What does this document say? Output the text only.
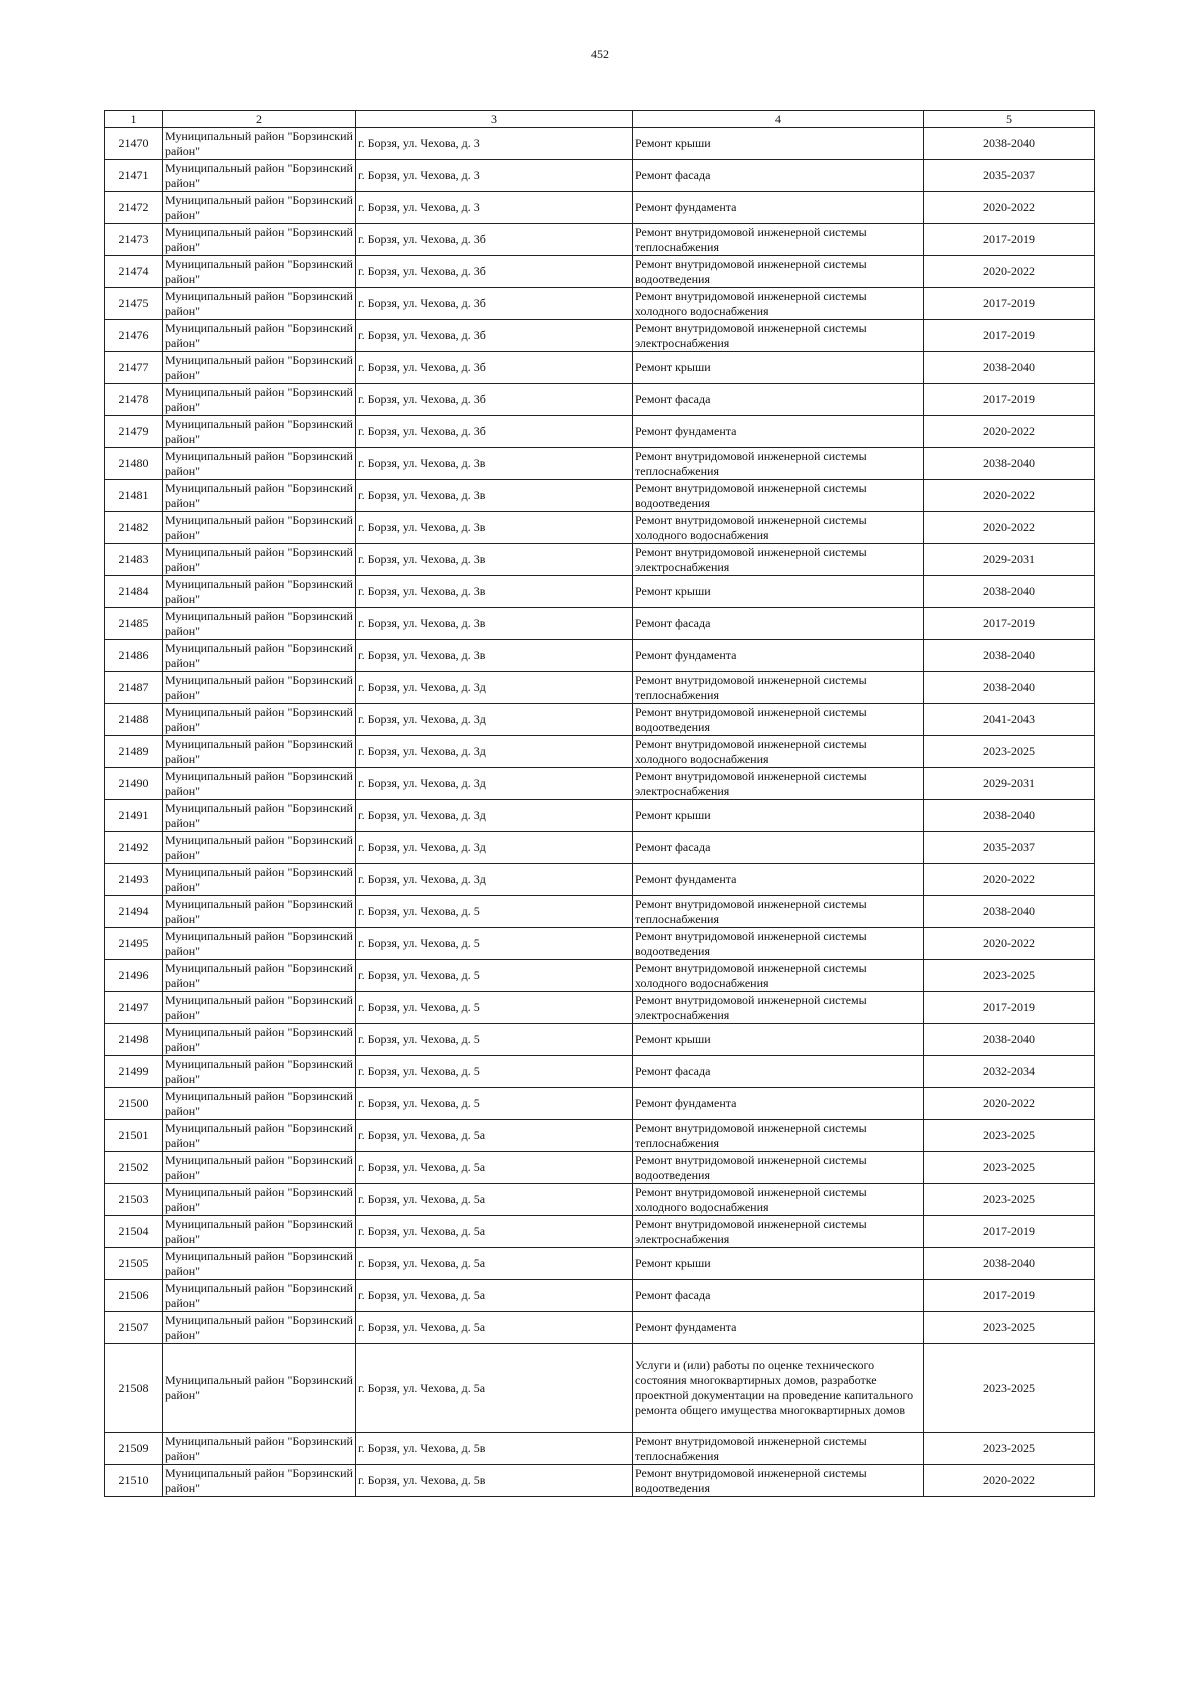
452
1	2	3	4	5
21470	Муниципальный район "Борзинский район"	г. Борзя, ул. Чехова, д. 3	Ремонт крыши	2038-2040
21471	Муниципальный район "Борзинский район"	г. Борзя, ул. Чехова, д. 3	Ремонт фасада	2035-2037
21472	Муниципальный район "Борзинский район"	г. Борзя, ул. Чехова, д. 3	Ремонт фундамента	2020-2022
21473	Муниципальный район "Борзинский район"	г. Борзя, ул. Чехова, д. 3б	Ремонт внутридомовой инженерной системы теплоснабжения	2017-2019
21474	Муниципальный район "Борзинский район"	г. Борзя, ул. Чехова, д. 3б	Ремонт внутридомовой инженерной системы водоотведения	2020-2022
21475	Муниципальный район "Борзинский район"	г. Борзя, ул. Чехова, д. 3б	Ремонт внутридомовой инженерной системы холодного водоснабжения	2017-2019
21476	Муниципальный район "Борзинский район"	г. Борзя, ул. Чехова, д. 3б	Ремонт внутридомовой инженерной системы электроснабжения	2017-2019
21477	Муниципальный район "Борзинский район"	г. Борзя, ул. Чехова, д. 3б	Ремонт крыши	2038-2040
21478	Муниципальный район "Борзинский район"	г. Борзя, ул. Чехова, д. 3б	Ремонт фасада	2017-2019
21479	Муниципальный район "Борзинский район"	г. Борзя, ул. Чехова, д. 3б	Ремонт фундамента	2020-2022
21480	Муниципальный район "Борзинский район"	г. Борзя, ул. Чехова, д. 3в	Ремонт внутридомовой инженерной системы теплоснабжения	2038-2040
21481	Муниципальный район "Борзинский район"	г. Борзя, ул. Чехова, д. 3в	Ремонт внутридомовой инженерной системы водоотведения	2020-2022
21482	Муниципальный район "Борзинский район"	г. Борзя, ул. Чехова, д. 3в	Ремонт внутридомовой инженерной системы холодного водоснабжения	2020-2022
21483	Муниципальный район "Борзинский район"	г. Борзя, ул. Чехова, д. 3в	Ремонт внутридомовой инженерной системы электроснабжения	2029-2031
21484	Муниципальный район "Борзинский район"	г. Борзя, ул. Чехова, д. 3в	Ремонт крыши	2038-2040
21485	Муниципальный район "Борзинский район"	г. Борзя, ул. Чехова, д. 3в	Ремонт фасада	2017-2019
21486	Муниципальный район "Борзинский район"	г. Борзя, ул. Чехова, д. 3в	Ремонт фундамента	2038-2040
21487	Муниципальный район "Борзинский район"	г. Борзя, ул. Чехова, д. 3д	Ремонт внутридомовой инженерной системы теплоснабжения	2038-2040
21488	Муниципальный район "Борзинский район"	г. Борзя, ул. Чехова, д. 3д	Ремонт внутридомовой инженерной системы водоотведения	2041-2043
21489	Муниципальный район "Борзинский район"	г. Борзя, ул. Чехова, д. 3д	Ремонт внутридомовой инженерной системы холодного водоснабжения	2023-2025
21490	Муниципальный район "Борзинский район"	г. Борзя, ул. Чехова, д. 3д	Ремонт внутридомовой инженерной системы электроснабжения	2029-2031
21491	Муниципальный район "Борзинский район"	г. Борзя, ул. Чехова, д. 3д	Ремонт крыши	2038-2040
21492	Муниципальный район "Борзинский район"	г. Борзя, ул. Чехова, д. 3д	Ремонт фасада	2035-2037
21493	Муниципальный район "Борзинский район"	г. Борзя, ул. Чехова, д. 3д	Ремонт фундамента	2020-2022
21494	Муниципальный район "Борзинский район"	г. Борзя, ул. Чехова, д. 5	Ремонт внутридомовой инженерной системы теплоснабжения	2038-2040
21495	Муниципальный район "Борзинский район"	г. Борзя, ул. Чехова, д. 5	Ремонт внутридомовой инженерной системы водоотведения	2020-2022
21496	Муниципальный район "Борзинский район"	г. Борзя, ул. Чехова, д. 5	Ремонт внутридомовой инженерной системы холодного водоснабжения	2023-2025
21497	Муниципальный район "Борзинский район"	г. Борзя, ул. Чехова, д. 5	Ремонт внутридомовой инженерной системы электроснабжения	2017-2019
21498	Муниципальный район "Борзинский район"	г. Борзя, ул. Чехова, д. 5	Ремонт крыши	2038-2040
21499	Муниципальный район "Борзинский район"	г. Борзя, ул. Чехова, д. 5	Ремонт фасада	2032-2034
21500	Муниципальный район "Борзинский район"	г. Борзя, ул. Чехова, д. 5	Ремонт фундамента	2020-2022
21501	Муниципальный район "Борзинский район"	г. Борзя, ул. Чехова, д. 5а	Ремонт внутридомовой инженерной системы теплоснабжения	2023-2025
21502	Муниципальный район "Борзинский район"	г. Борзя, ул. Чехова, д. 5а	Ремонт внутридомовой инженерной системы водоотведения	2023-2025
21503	Муниципальный район "Борзинский район"	г. Борзя, ул. Чехова, д. 5а	Ремонт внутридомовой инженерной системы холодного водоснабжения	2023-2025
21504	Муниципальный район "Борзинский район"	г. Борзя, ул. Чехова, д. 5а	Ремонт внутридомовой инженерной системы электроснабжения	2017-2019
21505	Муниципальный район "Борзинский район"	г. Борзя, ул. Чехова, д. 5а	Ремонт крыши	2038-2040
21506	Муниципальный район "Борзинский район"	г. Борзя, ул. Чехова, д. 5а	Ремонт фасада	2017-2019
21507	Муниципальный район "Борзинский район"	г. Борзя, ул. Чехова, д. 5а	Ремонт фундамента	2023-2025
21508	Муниципальный район "Борзинский район"	г. Борзя, ул. Чехова, д. 5а	Услуги и (или) работы по оценке технического состояния многоквартирных домов, разработке проектной документации на проведение капитального ремонта общего имущества многоквартирных домов	2023-2025
21509	Муниципальный район "Борзинский район"	г. Борзя, ул. Чехова, д. 5в	Ремонт внутридомовой инженерной системы теплоснабжения	2023-2025
21510	Муниципальный район "Борзинский район"	г. Борзя, ул. Чехова, д. 5в	Ремонт внутридомовой инженерной системы водоотведения	2020-2022
